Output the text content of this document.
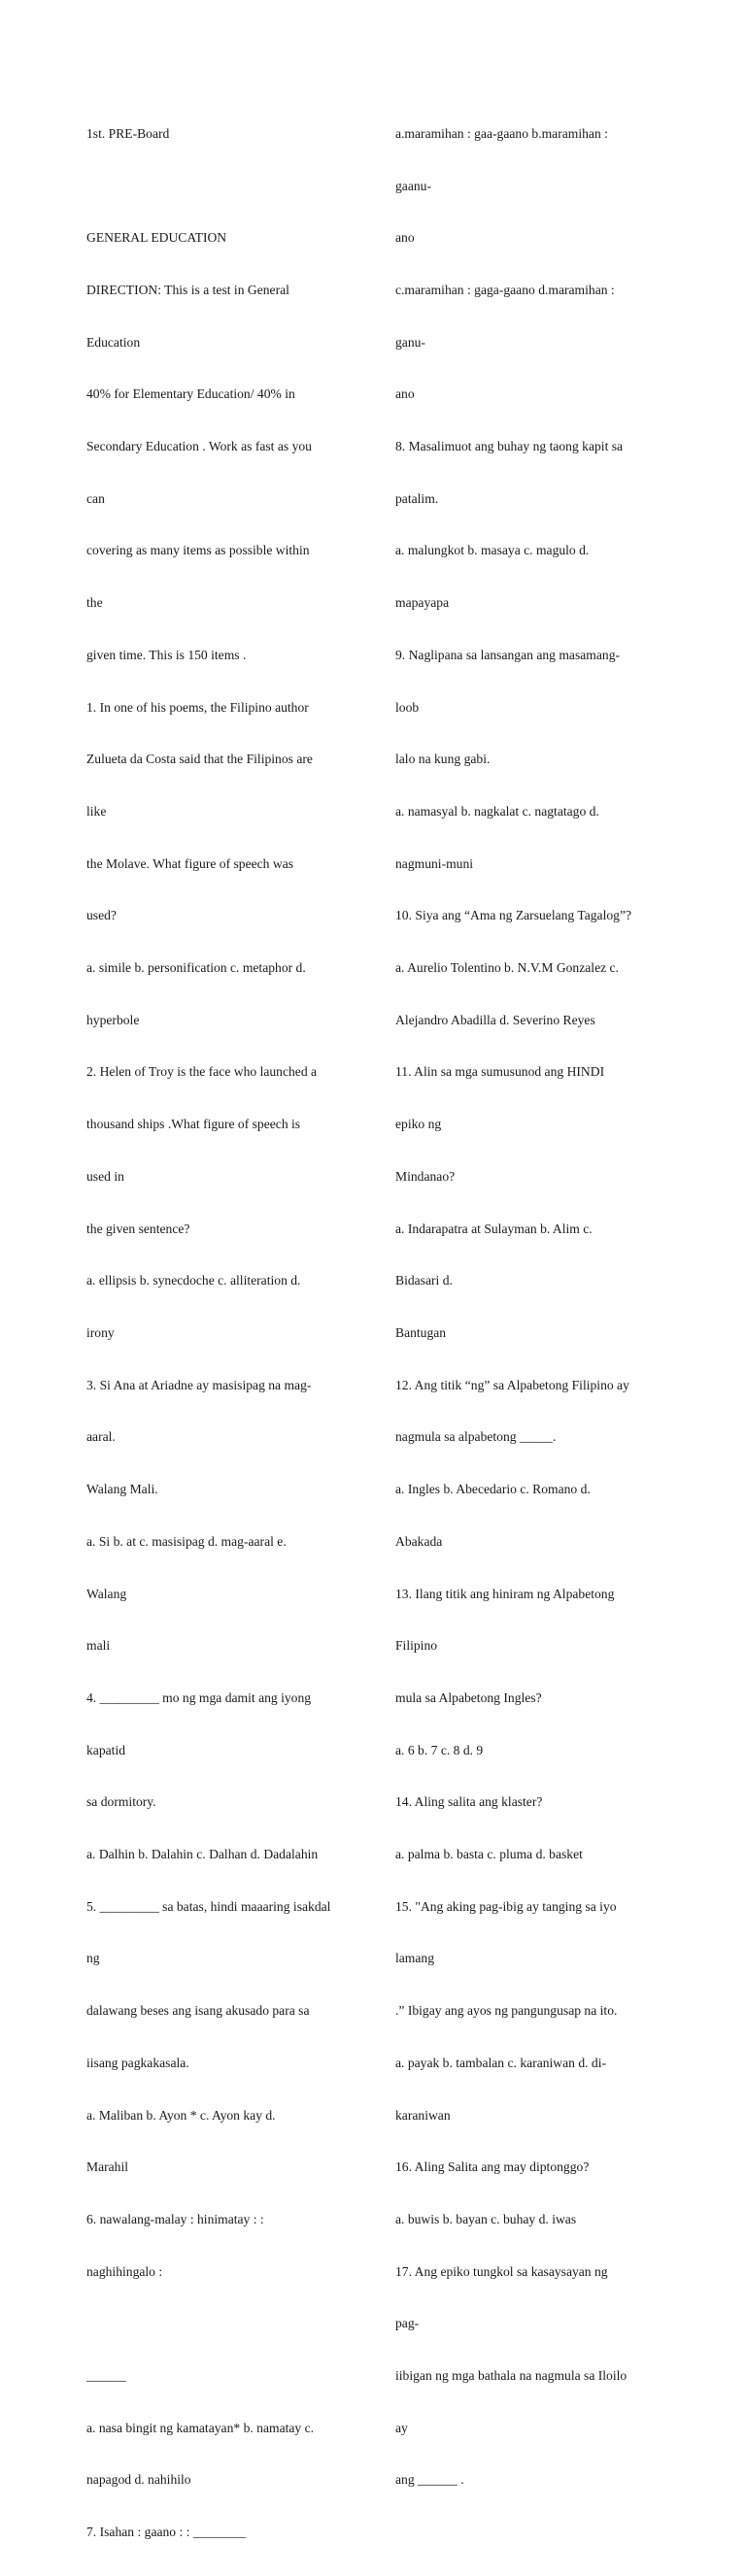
1st. PRE-Board

GENERAL EDUCATION

DIRECTION: This is a test in General

Education

40% for Elementary Education/ 40% in

Secondary Education . Work as fast as you

can

covering as many items as possible within

the

given time. This is 150 items .

1. In one of his poems, the Filipino author

Zulueta da Costa said that the Filipinos are

like

the Molave. What figure of speech was

used?

a. simile b. personification c. metaphor d.

hyperbole

2. Helen of Troy is the face who launched a

thousand ships .What figure of speech is

used in

the given sentence?

a. ellipsis b. synecdoche c. alliteration d.

irony

3. Si Ana at Ariadne ay masisipag na mag-

aaral.

Walang Mali.

a. Si b. at c. masisipag d. mag-aaral e.

Walang

mali

4. _________ mo ng mga damit ang iyong

kapatid

sa dormitory.

a. Dalhin b. Dalahin c. Dalhan d. Dadalahin

5. _________ sa batas, hindi maaaring isakdal

ng

dalawang beses ang isang akusado para sa

iisang pagkakasala.

a. Maliban b. Ayon * c. Ayon kay d.

Marahil

6. nawalang-malay : hinimatay : :

naghihingalo :

______

a. nasa bingit ng kamatayan* b. namatay c.

napagod d. nahihilo

7. Isahan : gaano : : ________

a.maramihan : gaa-gaano b.maramihan :

gaanu-

ano

c.maramihan : gaga-gaano d.maramihan :

ganu-

ano

8. Masalimuot ang buhay ng taong kapit sa

patalim.

a. malungkot b. masaya c. magulo d.

mapayapa

9. Naglipana sa lansangan ang masamang-

loob

lalo na kung gabi.

a. namasyal b. nagkalat c. nagtatago d.

nagmuni-muni

10. Siya ang “Ama ng Zarsuelang Tagalog”?

a. Aurelio Tolentino b. N.V.M Gonzalez c.

Alejandro Abadilla d. Severino Reyes

11. Alin sa mga sumusunod ang HINDI

epiko ng

Mindanao?

a. Indarapatra at Sulayman b. Alim c.

Bidasari d.

Bantugan

12. Ang titik “ng” sa Alpabetong Filipino ay

nagmula sa alpabetong _____.

a. Ingles b. Abecedario c. Romano d.

Abakada

13. Ilang titik ang hiniram ng Alpabetong

Filipino

mula sa Alpabetong Ingles?

a. 6 b. 7 c. 8 d. 9

14. Aling salita ang klaster?

a. palma b. basta c. pluma d. basket

15. "Ang aking pag-ibig ay tanging sa iyo

lamang

.” Ibigay ang ayos ng pangungusap na ito.

a. payak b. tambalan c. karaniwan d. di-

karaniwan

16. Aling Salita ang may diptonggo?

a. buwis b. bayan c. buhay d. iwas

17. Ang epiko tungkol sa kasaysayan ng

pag-

iibigan ng mga bathala na nagmula sa Iloilo

ay

ang ______ .
